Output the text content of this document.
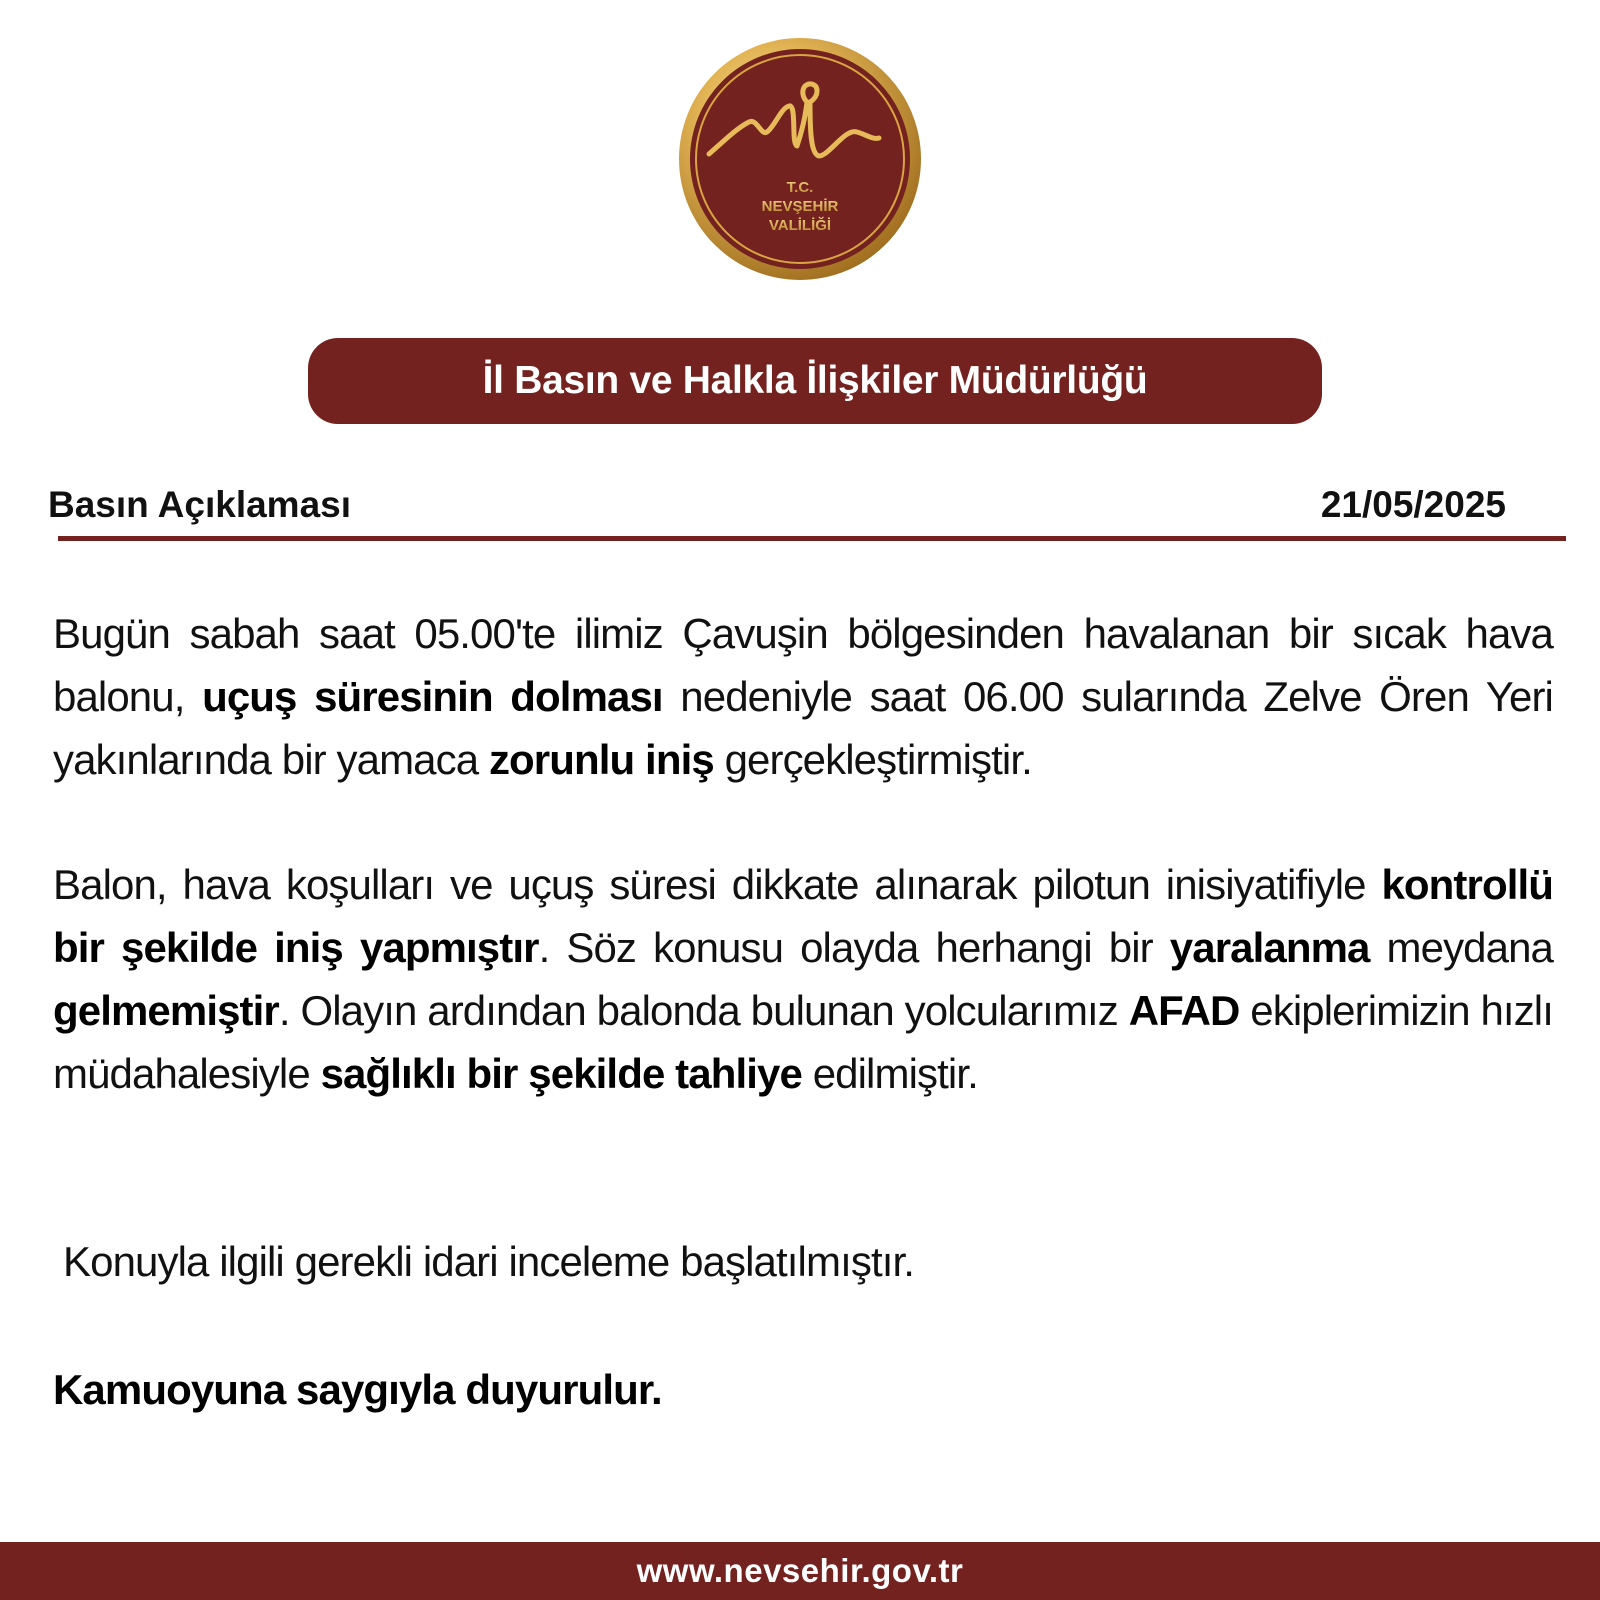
T.C.
NEVŞEHİR
VALİLİĞİ
İl Basın ve Halkla İlişkiler Müdürlüğü
Basın Açıklaması	21/05/2025

Bugün sabah saat 05.00'te ilimiz Çavuşin bölgesinden havalanan bir sıcak hava balonu, uçuş süresinin dolması nedeniyle saat 06.00 sularında Zelve Ören Yeri yakınlarında bir yamaca zorunlu iniş gerçekleştirmiştir.

Balon, hava koşulları ve uçuş süresi dikkate alınarak pilotun inisiyatifiyle kontrollü bir şekilde iniş yapmıştır. Söz konusu olayda herhangi bir yaralanma meydana gelmemiştir. Olayın ardından balonda bulunan yolcularımız AFAD ekiplerimizin hızlı müdahalesiyle sağlıklı bir şekilde tahliye edilmiştir.

Konuyla ilgili gerekli idari inceleme başlatılmıştır.

Kamuoyuna saygıyla duyurulur.

www.nevsehir.gov.tr
